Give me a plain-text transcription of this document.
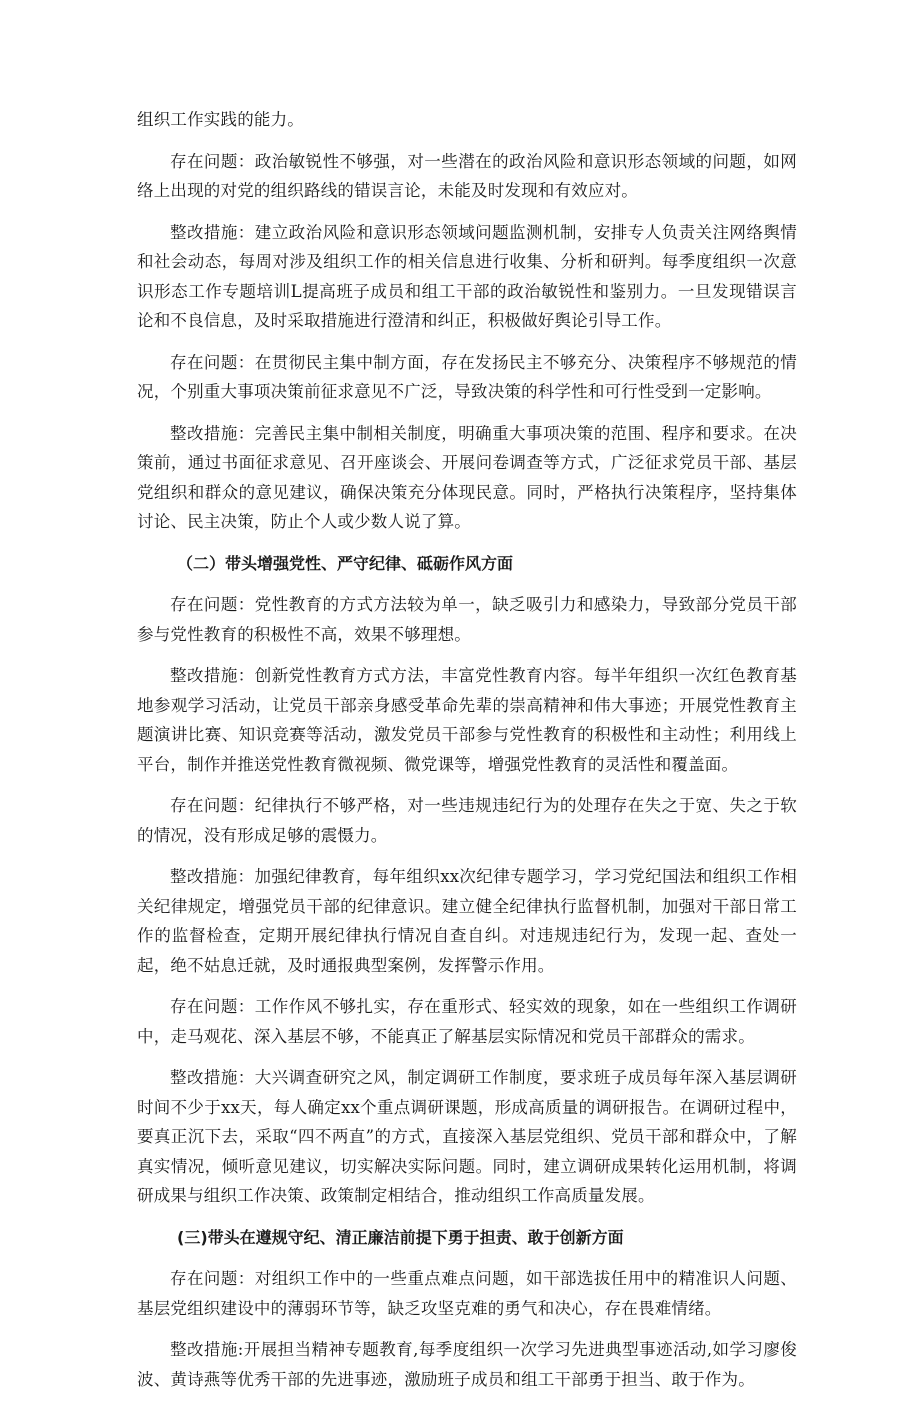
组织工作实践的能力。

存在问题：政治敏锐性不够强，对一些潜在的政治风险和意识形态领域的问题，如网络上出现的对党的组织路线的错误言论，未能及时发现和有效应对。

整改措施：建立政治风险和意识形态领域问题监测机制，安排专人负责关注网络舆情和社会动态，每周对涉及组织工作的相关信息进行收集、分析和研判。每季度组织一次意识形态工作专题培训L提高班子成员和组工干部的政治敏锐性和鉴别力。一旦发现错误言论和不良信息，及时采取措施进行澄清和纠正，积极做好舆论引导工作。

存在问题：在贯彻民主集中制方面，存在发扬民主不够充分、决策程序不够规范的情况，个别重大事项决策前征求意见不广泛，导致决策的科学性和可行性受到一定影响。

整改措施：完善民主集中制相关制度，明确重大事项决策的范围、程序和要求。在决策前，通过书面征求意见、召开座谈会、开展问卷调查等方式，广泛征求党员干部、基层党组织和群众的意见建议，确保决策充分体现民意。同时，严格执行决策程序，坚持集体讨论、民主决策，防止个人或少数人说了算。

（二）带头增强党性、严守纪律、砥砺作风方面

存在问题：党性教育的方式方法较为单一，缺乏吸引力和感染力，导致部分党员干部参与党性教育的积极性不高，效果不够理想。

整改措施：创新党性教育方式方法，丰富党性教育内容。每半年组织一次红色教育基地参观学习活动，让党员干部亲身感受革命先辈的崇高精神和伟大事迹；开展党性教育主题演讲比赛、知识竞赛等活动，激发党员干部参与党性教育的积极性和主动性；利用线上平台，制作并推送党性教育微视频、微党课等，增强党性教育的灵活性和覆盖面。

存在问题：纪律执行不够严格，对一些违规违纪行为的处理存在失之于宽、失之于软的情况，没有形成足够的震慑力。

整改措施：加强纪律教育，每年组织xx次纪律专题学习，学习党纪国法和组织工作相关纪律规定，增强党员干部的纪律意识。建立健全纪律执行监督机制，加强对干部日常工作的监督检查，定期开展纪律执行情况自查自纠。对违规违纪行为，发现一起、查处一起，绝不姑息迁就，及时通报典型案例，发挥警示作用。

存在问题：工作作风不够扎实，存在重形式、轻实效的现象，如在一些组织工作调研中，走马观花、深入基层不够，不能真正了解基层实际情况和党员干部群众的需求。

整改措施：大兴调查研究之风，制定调研工作制度，要求班子成员每年深入基层调研时间不少于xx天，每人确定xx个重点调研课题，形成高质量的调研报告。在调研过程中，要真正沉下去，采取“四不两直”的方式，直接深入基层党组织、党员干部和群众中，了解真实情况，倾听意见建议，切实解决实际问题。同时，建立调研成果转化运用机制，将调研成果与组织工作决策、政策制定相结合，推动组织工作高质量发展。

(三)带头在遵规守纪、清正廉洁前提下勇于担责、敢于创新方面

存在问题：对组织工作中的一些重点难点问题，如干部选拔任用中的精准识人问题、基层党组织建设中的薄弱环节等，缺乏攻坚克难的勇气和决心，存在畏难情绪。

整改措施:开展担当精神专题教育,每季度组织一次学习先进典型事迹活动,如学习廖俊波、黄诗燕等优秀干部的先进事迹，激励班子成员和组工干部勇于担当、敢于作为。
